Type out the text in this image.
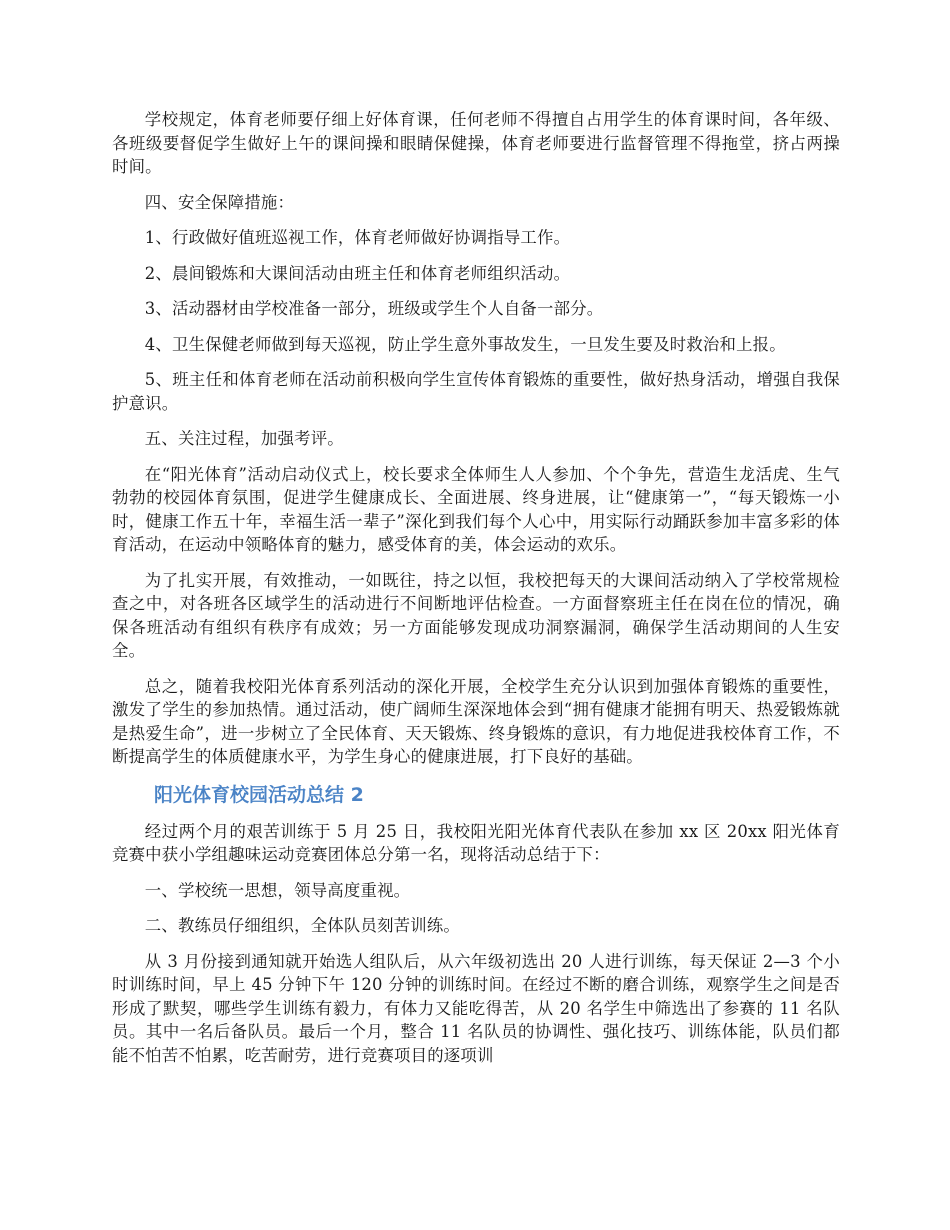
学校规定，体育老师要仔细上好体育课，任何老师不得擅自占用学生的体育课时间，各年级、各班级要督促学生做好上午的课间操和眼睛保健操，体育老师要进行监督管理不得拖堂，挤占两操时间。

四、安全保障措施：

1、行政做好值班巡视工作，体育老师做好协调指导工作。

2、晨间锻炼和大课间活动由班主任和体育老师组织活动。

3、活动器材由学校准备一部分，班级或学生个人自备一部分。

4、卫生保健老师做到每天巡视，防止学生意外事故发生，一旦发生要及时救治和上报。

5、班主任和体育老师在活动前积极向学生宣传体育锻炼的重要性，做好热身活动，增强自我保护意识。

五、关注过程，加强考评。

在“阳光体育”活动启动仪式上，校长要求全体师生人人参加、个个争先，营造生龙活虎、生气勃勃的校园体育氛围，促进学生健康成长、全面进展、终身进展，让“健康第一”，“每天锻炼一小时，健康工作五十年，幸福生活一辈子”深化到我们每个人心中，用实际行动踊跃参加丰富多彩的体育活动，在运动中领略体育的魅力，感受体育的美，体会运动的欢乐。

为了扎实开展，有效推动，一如既往，持之以恒，我校把每天的大课间活动纳入了学校常规检查之中，对各班各区域学生的活动进行不间断地评估检查。一方面督察班主任在岗在位的情况，确保各班活动有组织有秩序有成效；另一方面能够发现成功洞察漏洞，确保学生活动期间的人生安全。

总之，随着我校阳光体育系列活动的深化开展，全校学生充分认识到加强体育锻炼的重要性，激发了学生的参加热情。通过活动，使广阔师生深深地体会到“拥有健康才能拥有明天、热爱锻炼就是热爱生命”，进一步树立了全民体育、天天锻炼、终身锻炼的意识，有力地促进我校体育工作，不断提高学生的体质健康水平，为学生身心的健康进展，打下良好的基础。

阳光体育校园活动总结 2

经过两个月的艰苦训练于 5 月 25 日，我校阳光阳光体育代表队在参加 xx 区 20xx 阳光体育竞赛中获小学组趣味运动竞赛团体总分第一名，现将活动总结于下：

一、学校统一思想，领导高度重视。

二、教练员仔细组织，全体队员刻苦训练。

从 3 月份接到通知就开始选人组队后，从六年级初选出 20 人进行训练，每天保证 2—3 个小时训练时间，早上 45 分钟下午 120 分钟的训练时间。在经过不断的磨合训练，观察学生之间是否形成了默契，哪些学生训练有毅力，有体力又能吃得苦，从 20 名学生中筛选出了参赛的 11 名队员。其中一名后备队员。最后一个月，整合 11 名队员的协调性、强化技巧、训练体能，队员们都能不怕苦不怕累，吃苦耐劳，进行竞赛项目的逐项训
